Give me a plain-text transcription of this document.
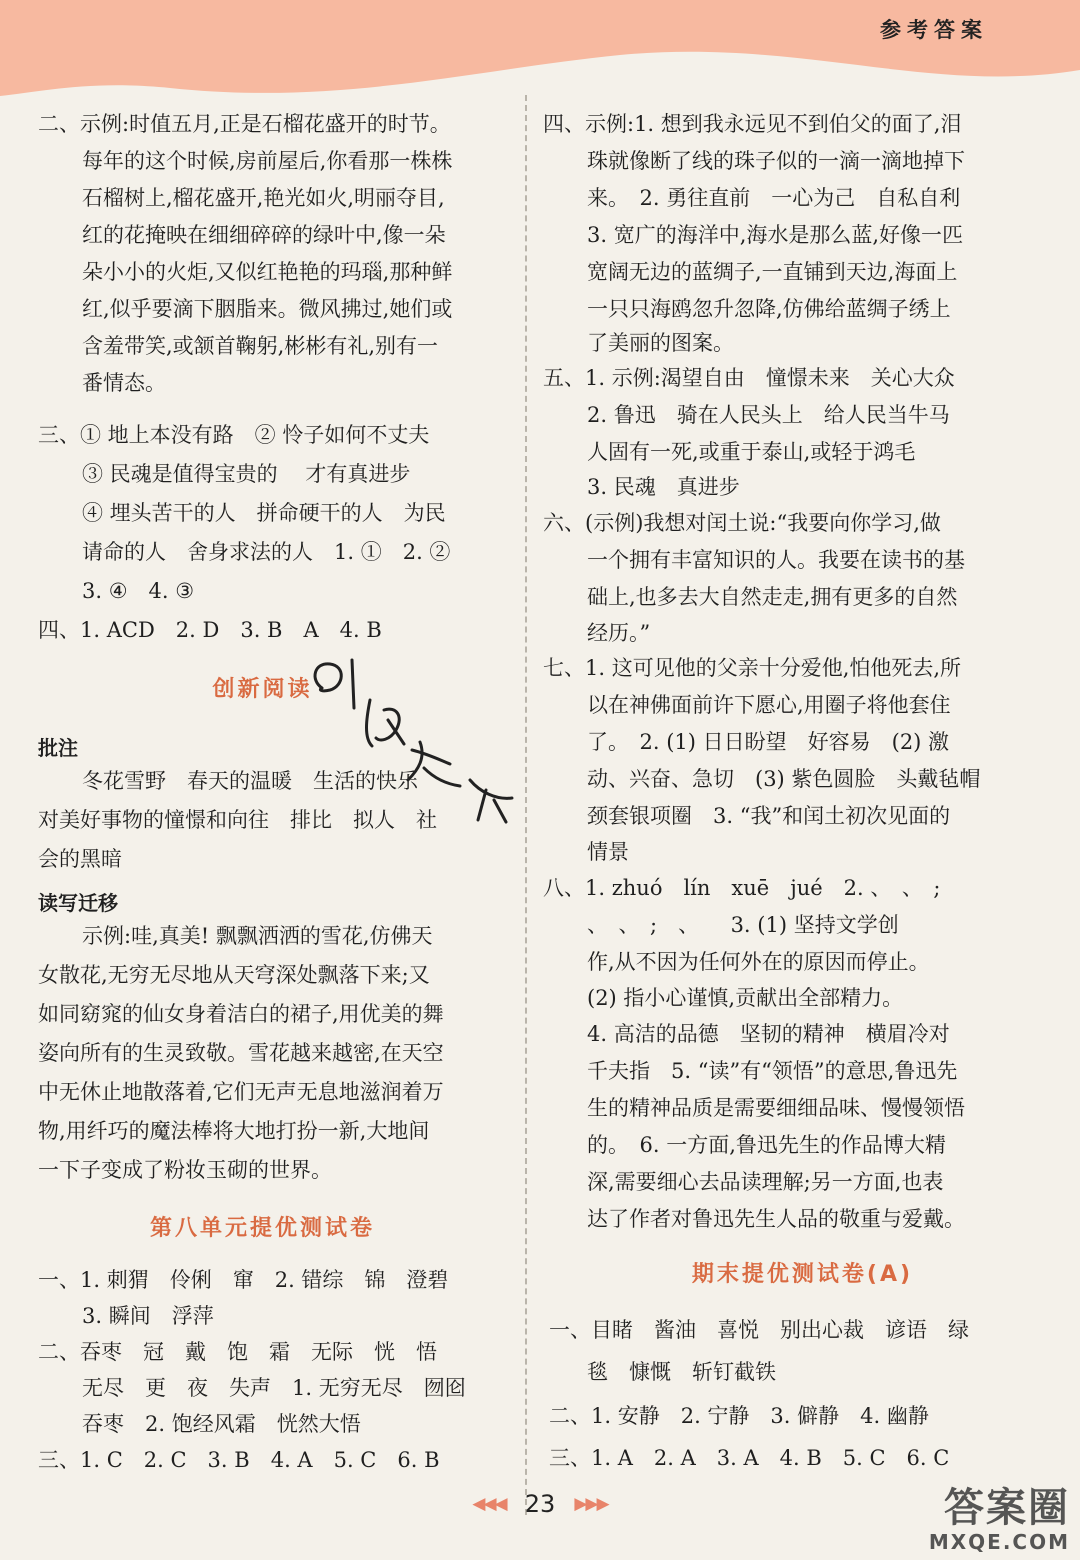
参考答案
二、示例:时值五月,正是石榴花盛开的时节。
每年的这个时候,房前屋后,你看那一株株
石榴树上,榴花盛开,艳光如火,明丽夺目,
红的花掩映在细细碎碎的绿叶中,像一朵
朵小小的火炬,又似红艳艳的玛瑙,那种鲜
红,似乎要滴下胭脂来。微风拂过,她们或
含羞带笑,或颔首鞠躬,彬彬有礼,别有一
番情态。
三、① 地上本没有路　② 怜子如何不丈夫
③ 民魂是值得宝贵的　 才有真进步
④ 埋头苦干的人　拼命硬干的人　为民
请命的人　舍身求法的人　1. ①　2. ②
3. ④　4. ③
四、1. ACD　2. D　3. B　A　4. B
创新阅读
批注
冬花雪野　春天的温暖　生活的快乐
对美好事物的憧憬和向往　排比　拟人　社
会的黑暗
读写迁移
示例:哇,真美! 飘飘洒洒的雪花,仿佛天
女散花,无穷无尽地从天穹深处飘落下来;又
如同窈窕的仙女身着洁白的裙子,用优美的舞
姿向所有的生灵致敬。雪花越来越密,在天空
中无休止地散落着,它们无声无息地滋润着万
物,用纤巧的魔法棒将大地打扮一新,大地间
一下子变成了粉妆玉砌的世界。
第八单元提优测试卷
一、1. 刺猬　伶俐　窜　2. 错综　锦　澄碧
3. 瞬间　浮萍
二、吞枣　冠　戴　饱　霜　无际　恍　悟
无尽　更　夜　失声　1. 无穷无尽　囫囵
吞枣　2. 饱经风霜　恍然大悟
三、1. C　2. C　3. B　4. A　5. C　6. B
四、示例:1. 想到我永远见不到伯父的面了,泪
珠就像断了线的珠子似的一滴一滴地掉下
来。　2. 勇往直前　一心为己　自私自利
3. 宽广的海洋中,海水是那么蓝,好像一匹
宽阔无边的蓝绸子,一直铺到天边,海面上
一只只海鸥忽升忽降,仿佛给蓝绸子绣上
了美丽的图案。
五、1. 示例:渴望自由　憧憬未来　关心大众
2. 鲁迅　骑在人民头上　给人民当牛马
人固有一死,或重于泰山,或轻于鸿毛
3. 民魂　真进步
六、(示例)我想对闰土说:“我要向你学习,做
一个拥有丰富知识的人。我要在读书的基
础上,也多去大自然走走,拥有更多的自然
经历。”
七、1. 这可见他的父亲十分爱他,怕他死去,所
以在神佛面前许下愿心,用圈子将他套住
了。　2. (1) 日日盼望　好容易　(2) 激
动、兴奋、急切　(3) 紫色圆脸　头戴毡帽
颈套银项圈　3. “我”和闰土初次见面的
情景
八、1. zhuó　lín　xuē　jué　2. 、　、　;
、　、　;　、　　3. (1) 坚持文学创
作,从不因为任何外在的原因而停止。
(2) 指小心谨慎,贡献出全部精力。
4. 高洁的品德　坚韧的精神　横眉冷对
千夫指　5. “读”有“领悟”的意思,鲁迅先
生的精神品质是需要细细品味、慢慢领悟
的。　6. 一方面,鲁迅先生的作品博大精
深,需要细心去品读理解;另一方面,也表
达了作者对鲁迅先生人品的敬重与爱戴。
期末提优测试卷(A)
一、目睹　酱油　喜悦　别出心裁　谚语　绿
毯　慷慨　斩钉截铁
二、1. 安静　2. 宁静　3. 僻静　4. 幽静
三、1. A　2. A　3. A　4. B　5. C　6. C
◀◀◀ 23 ▶▶▶	答案圈
MXQE.COM
